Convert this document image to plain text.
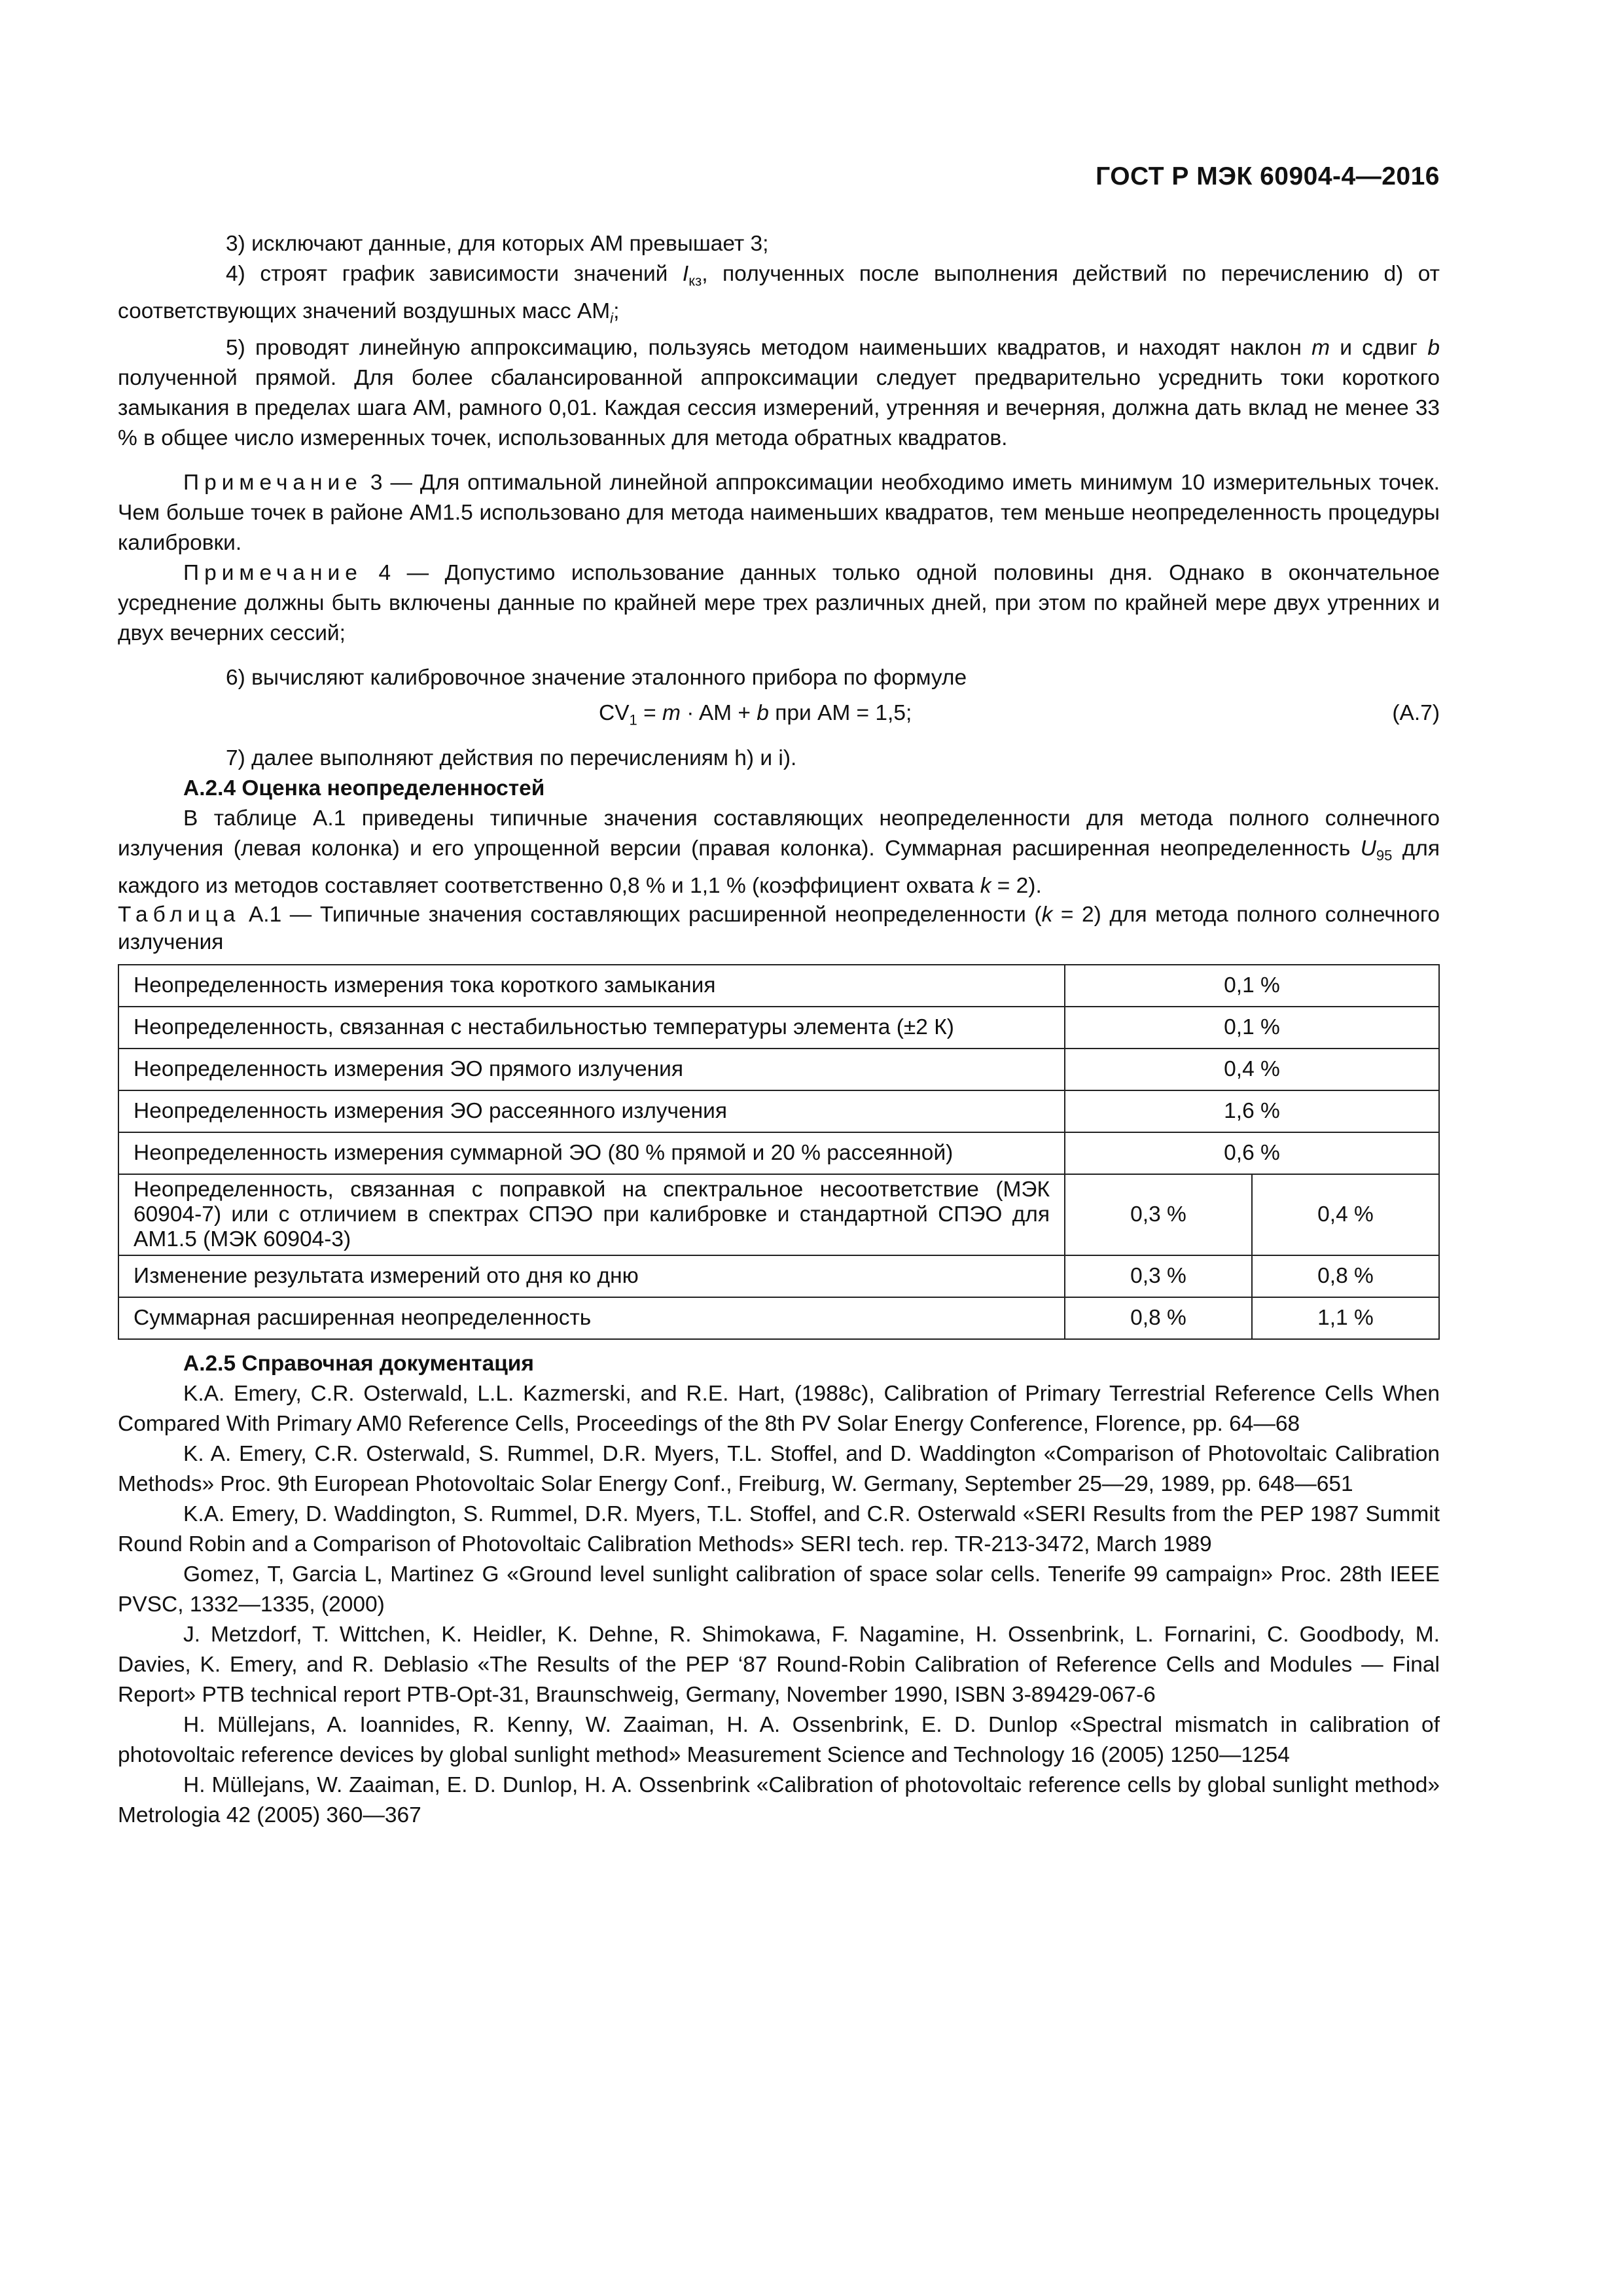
ГОСТ Р МЭК 60904-4—2016

3) исключают данные, для которых АМ превышает 3;

4) строят график зависимости значений $I_{кз}$, полученных после выполнения действий по перечислению d) от соответствующих значений воздушных масс $АМ_i$;

5) проводят линейную аппроксимацию, пользуясь методом наименьших квадратов, и находят наклон m и сдвиг b полученной прямой. Для более сбалансированной аппроксимации следует предварительно усреднить токи короткого замыкания в пределах шага АМ, рамного 0,01. Каждая сессия измерений, утренняя и вечерняя, должна дать вклад не менее 33 % в общее число измеренных точек, использованных для метода обратных квадратов.

Примечание 3 — Для оптимальной линейной аппроксимации необходимо иметь минимум 10 измерительных точек. Чем больше точек в районе АМ1.5 использовано для метода наименьших квадратов, тем меньше неопределенность процедуры калибровки.

Примечание 4 — Допустимо использование данных только одной половины дня. Однако в окончательное усреднение должны быть включены данные по крайней мере трех различных дней, при этом по крайней мере двух утренних и двух вечерних сессий;

6) вычисляют калибровочное значение эталонного прибора по формуле

$CV_1 = m$ · AM + b при АМ = 1,5;	(А.7)

7) далее выполняют действия по перечислениям h) и i).

А.2.4 Оценка неопределенностей

В таблице А.1 приведены типичные значения составляющих неопределенности для метода полного солнечного излучения (левая колонка) и его упрощенной версии (правая колонка). Суммарная расширенная неопределенность $U_{95}$ для каждого из методов составляет соответственно 0,8 % и 1,1 % (коэффициент охвата k = 2).

Таблица А.1 — Типичные значения составляющих расширенной неопределенности (k = 2) для метода полного солнечного излучения

Неопределенность измерения тока короткого замыкания	0,1 %	
Неопределенность, связанная с нестабильностью температуры элемента (±2 К)	0,1 %	
Неопределенность измерения ЭО прямого излучения	0,4 %	
Неопределенность измерения ЭО рассеянного излучения	1,6 %	
Неопределенность измерения суммарной ЭО (80 % прямой и 20 % рассеянной)	0,6 %	
Неопределенность, связанная с поправкой на спектральное несоответствие (МЭК 60904-7) или с отличием в спектрах СПЭО при калибровке и стандартной СПЭО для АМ1.5 (МЭК 60904-3)	0,3 %	0,4 %
Изменение результата измерений ото дня ко дню	0,3 %	0,8 %
Суммарная расширенная неопределенность	0,8 %	1,1 %
А.2.5 Справочная документация

K.A. Emery, C.R. Osterwald, L.L. Kazmerski, and R.E. Hart, (1988c), Calibration of Primary Terrestrial Reference Cells When Compared With Primary AM0 Reference Cells, Proceedings of the 8th PV Solar Energy Conference, Florence, pp. 64—68

K. A. Emery, C.R. Osterwald, S. Rummel, D.R. Myers, T.L. Stoffel, and D. Waddington «Comparison of Photovoltaic Calibration Methods» Proc. 9th European Photovoltaic Solar Energy Conf., Freiburg, W. Germany, September 25—29, 1989, pp. 648—651

K.A. Emery, D. Waddington, S. Rummel, D.R. Myers, T.L. Stoffel, and C.R. Osterwald «SERI Results from the PEP 1987 Summit Round Robin and a Comparison of Photovoltaic Calibration Methods» SERI tech. rep. TR-213-3472, March 1989

Gomez, T, Garcia L, Martinez G «Ground level sunlight calibration of space solar cells. Tenerife 99 campaign» Proc. 28th IEEE PVSC, 1332—1335, (2000)

J. Metzdorf, T. Wittchen, K. Heidler, K. Dehne, R. Shimokawa, F. Nagamine, H. Ossenbrink, L. Fornarini, C. Goodbody, M. Davies, K. Emery, and R. Deblasio «The Results of the PEP ‘87 Round-Robin Calibration of Reference Cells and Modules — Final Report» PTB technical report PTB-Opt-31, Braunschweig, Germany, November 1990, ISBN 3-89429-067-6

H. Müllejans, A. Ioannides, R. Kenny, W. Zaaiman, H. A. Ossenbrink, E. D. Dunlop «Spectral mismatch in calibration of photovoltaic reference devices by global sunlight method» Measurement Science and Technology 16 (2005) 1250—1254

H. Müllejans, W. Zaaiman, E. D. Dunlop, H. A. Ossenbrink «Calibration of photovoltaic reference cells by global sunlight method» Metrologia 42 (2005) 360—367
